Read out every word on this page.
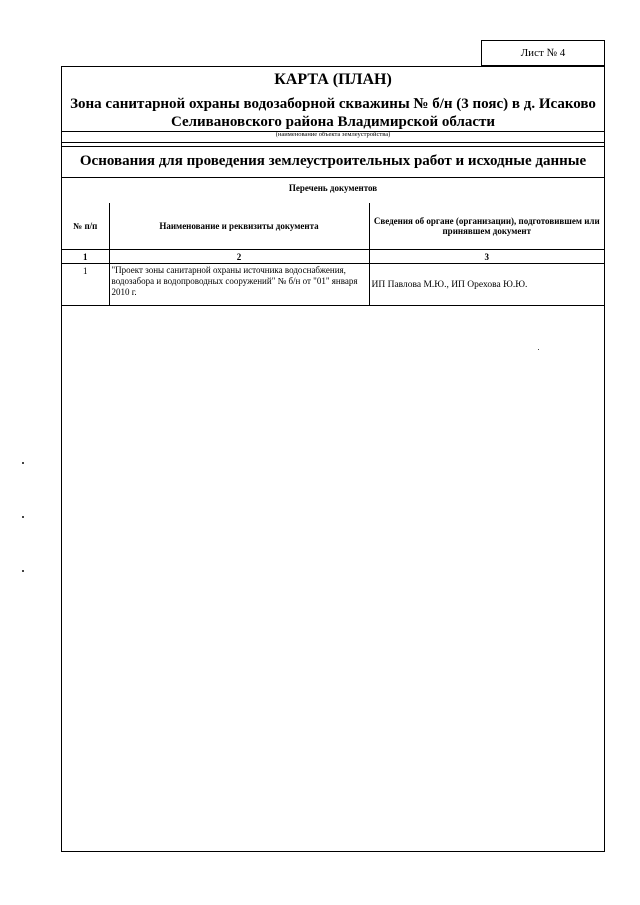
Лист № 4
КАРТА (ПЛАН)
Зона санитарной охраны водозаборной скважины № б/н (3 пояс) в д. Исаково
Селивановского района Владимирской области
(наименование объекта землеустройства)
Основания для проведения землеустроительных работ и исходные данные
Перечень документов
№ п/п	Наименование и реквизиты документа	Сведения об органе (организации), подготовившем или принявшем документ
1	2	3
1	"Проект зоны санитарной охраны источника водоснабжения, водозабора и водопроводных сооружений" № б/н от "01" января 2010 г.	ИП Павлова М.Ю., ИП Орехова Ю.Ю.
